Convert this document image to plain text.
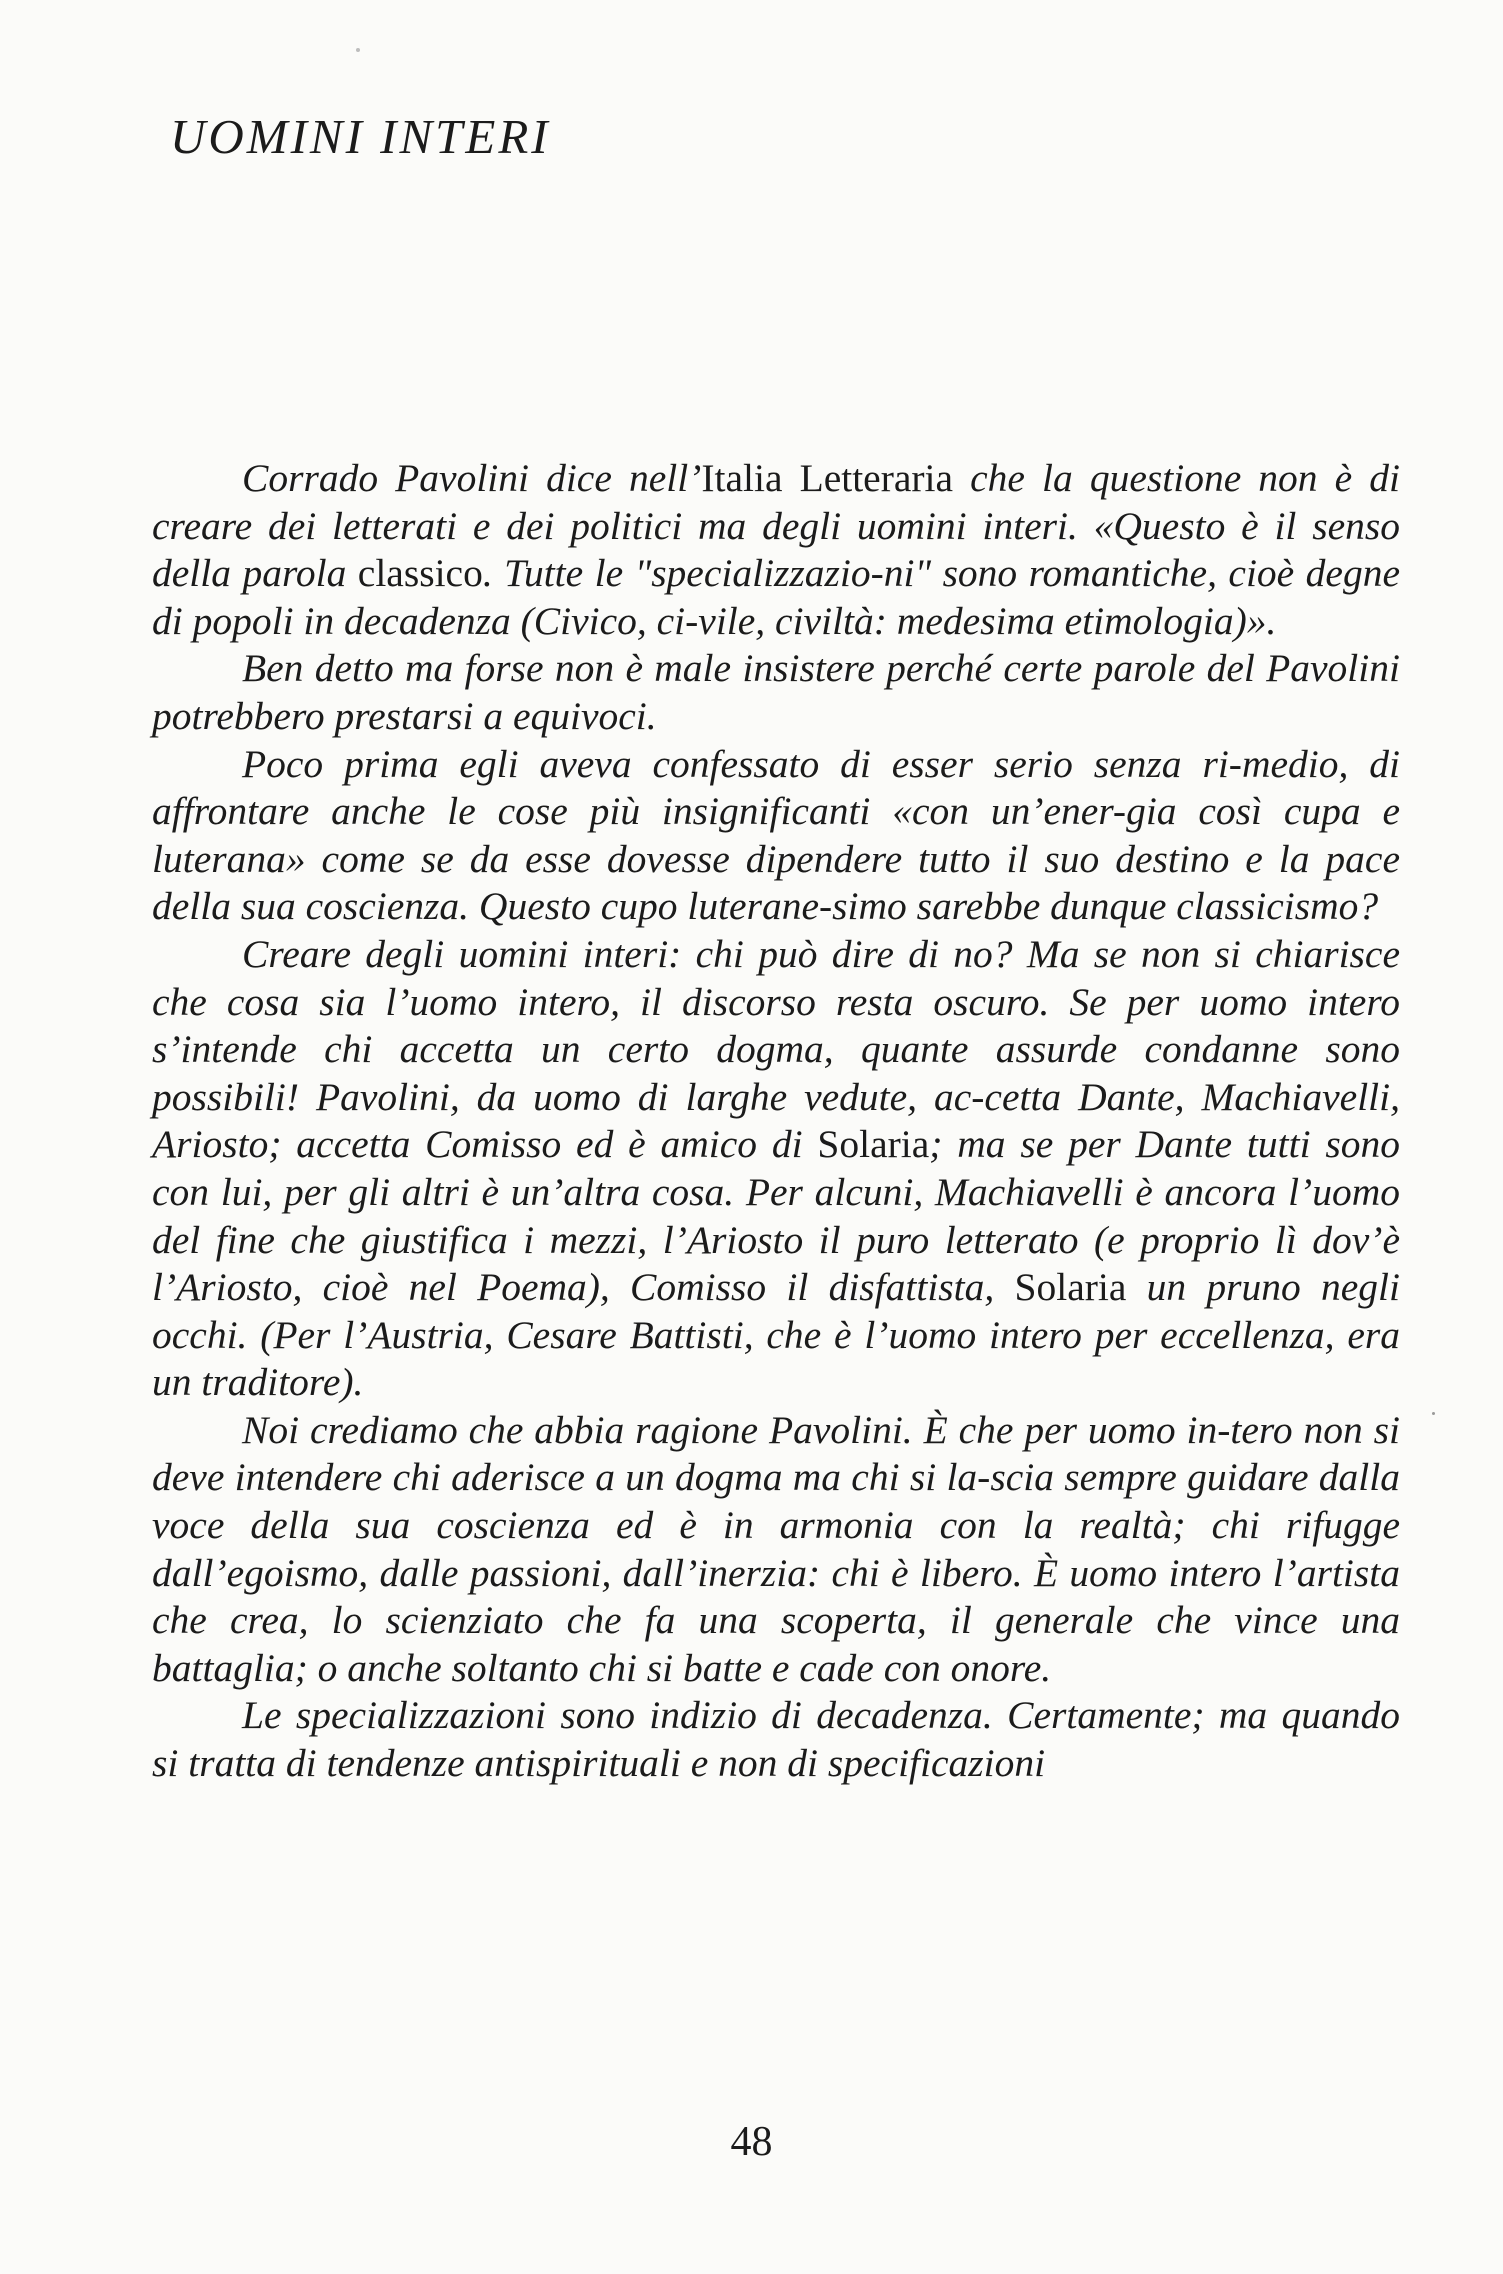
UOMINI INTERI

Corrado Pavolini dice nell’Italia Letteraria che la questione non è di creare dei letterati e dei politici ma degli uomini interi. «Questo è il senso della parola classico. Tutte le "specializzazio-ni" sono romantiche, cioè degne di popoli in decadenza (Civico, ci-vile, civiltà: medesima etimologia)».

Ben detto ma forse non è male insistere perché certe parole del Pavolini potrebbero prestarsi a equivoci.

Poco prima egli aveva confessato di esser serio senza ri-medio, di affrontare anche le cose più insignificanti «con un’ener-gia così cupa e luterana» come se da esse dovesse dipendere tutto il suo destino e la pace della sua coscienza. Questo cupo luterane-simo sarebbe dunque classicismo?

Creare degli uomini interi: chi può dire di no? Ma se non si chiarisce che cosa sia l’uomo intero, il discorso resta oscuro. Se per uomo intero s’intende chi accetta un certo dogma, quante assurde condanne sono possibili! Pavolini, da uomo di larghe vedute, ac-cetta Dante, Machiavelli, Ariosto; accetta Comisso ed è amico di Solaria; ma se per Dante tutti sono con lui, per gli altri è un’altra cosa. Per alcuni, Machiavelli è ancora l’uomo del fine che giustifica i mezzi, l’Ariosto il puro letterato (e proprio lì dov’è l’Ariosto, cioè nel Poema), Comisso il disfattista, Solaria un pruno negli occhi. (Per l’Austria, Cesare Battisti, che è l’uomo intero per eccellenza, era un traditore).

Noi crediamo che abbia ragione Pavolini. È che per uomo in-tero non si deve intendere chi aderisce a un dogma ma chi si la-scia sempre guidare dalla voce della sua coscienza ed è in armonia con la realtà; chi rifugge dall’egoismo, dalle passioni, dall’inerzia: chi è libero. È uomo intero l’artista che crea, lo scienziato che fa una scoperta, il generale che vince una battaglia; o anche soltanto chi si batte e cade con onore.

Le specializzazioni sono indizio di decadenza. Certamente; ma quando si tratta di tendenze antispirituali e non di specificazioni

48
